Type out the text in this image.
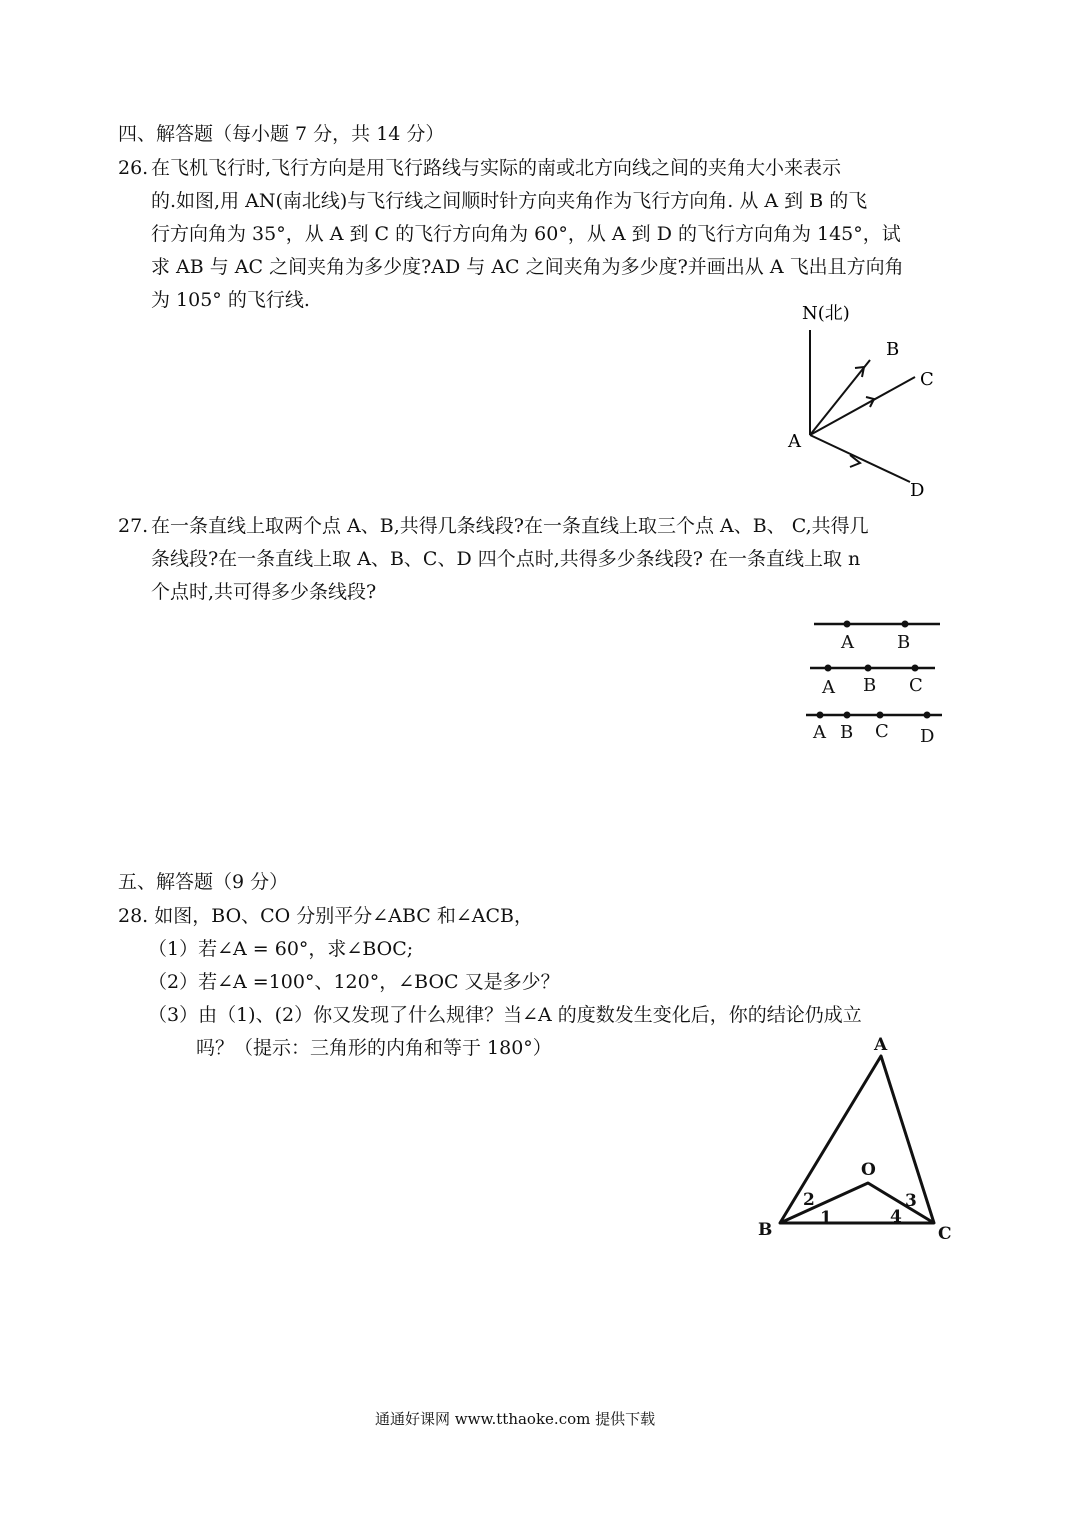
四、解答题（每小题 7 分，共 14 分）
26. 在飞机飞行时,飞行方向是用飞行路线与实际的南或北方向线之间的夹角大小来表示
的.如图,用 AN(南北线)与飞行线之间顺时针方向夹角作为飞行方向角. 从 A 到 B 的飞
行方向角为 35°，从 A 到 C 的飞行方向角为 60°，从 A 到 D 的飞行方向角为 145°，试
求 AB 与 AC 之间夹角为多少度?AD 与 AC 之间夹角为多少度?并画出从 A 飞出且方向角
为 105° 的飞行线.
N(北)
A
B
C
D
27. 在一条直线上取两个点 A、B,共得几条线段?在一条直线上取三个点 A、B、 C,共得几
条线段?在一条直线上取 A、B、C、D 四个点时,共得多少条线段? 在一条直线上取 n
个点时,共可得多少条线段?
A B
A B C
A B C D
五、解答题（9 分）
28. 如图，BO、CO 分别平分∠ABC 和∠ACB，
（1）若∠A = 60°，求∠BOC;
（2）若∠A =100°、120°，∠BOC 又是多少？
（3）由（1)、(2）你又发现了什么规律？当∠A 的度数发生变化后，你的结论仍成立
吗？（提示：三角形的内角和等于 180°）	A
B	C
O
1
2	3
4
通通好课网 www.tthaoke.com 提供下载
